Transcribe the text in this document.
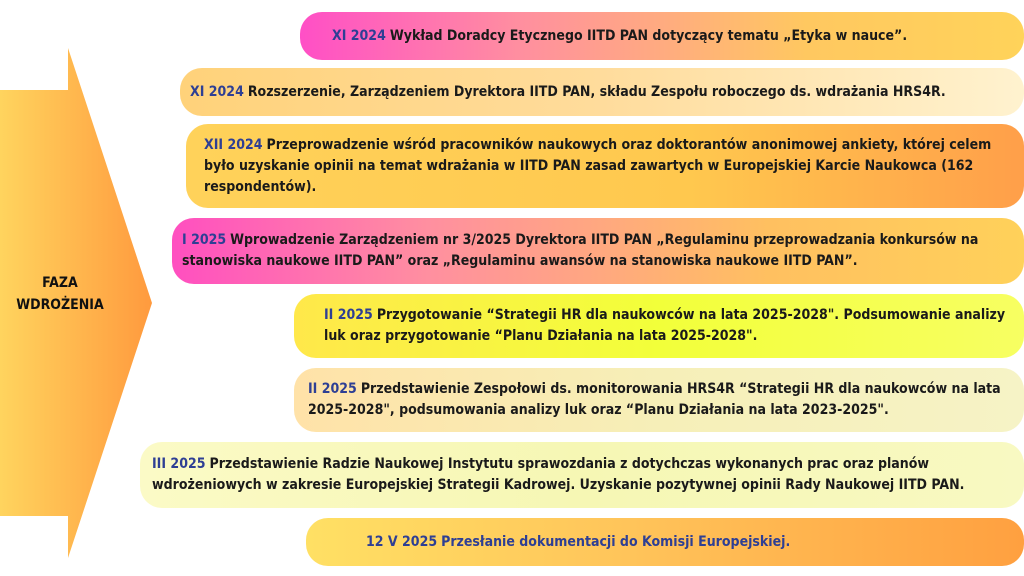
FAZA
WDROŻENIA
XI 2024 Wykład Doradcy Etycznego IITD PAN dotyczący tematu „Etyka w nauce”.
XI 2024 Rozszerzenie, Zarządzeniem Dyrektora IITD PAN, składu Zespołu roboczego ds. wdrażania HRS4R.
XII 2024 Przeprowadzenie wśród pracowników naukowych oraz doktorantów anonimowej ankiety, której celem było uzyskanie opinii na temat wdrażania w IITD PAN zasad zawartych w Europejskiej Karcie Naukowca (162 respondentów).
I 2025 Wprowadzenie Zarządzeniem nr 3/2025 Dyrektora IITD PAN „Regulaminu przeprowadzania konkursów na stanowiska naukowe IITD PAN” oraz „Regulaminu awansów na stanowiska naukowe IITD PAN”.
II 2025 Przygotowanie “Strategii HR dla naukowców na lata 2025-2028". Podsumowanie analizy luk oraz przygotowanie “Planu Działania na lata 2025-2028".
II 2025 Przedstawienie Zespołowi ds. monitorowania HRS4R “Strategii HR dla naukowców na lata 2025-2028", podsumowania analizy luk oraz “Planu Działania na lata 2023-2025".
III 2025 Przedstawienie Radzie Naukowej Instytutu sprawozdania z dotychczas wykonanych prac oraz planów wdrożeniowych w zakresie Europejskiej Strategii Kadrowej. Uzyskanie pozytywnej opinii Rady Naukowej IITD PAN.
12 V 2025 Przesłanie dokumentacji do Komisji Europejskiej.
